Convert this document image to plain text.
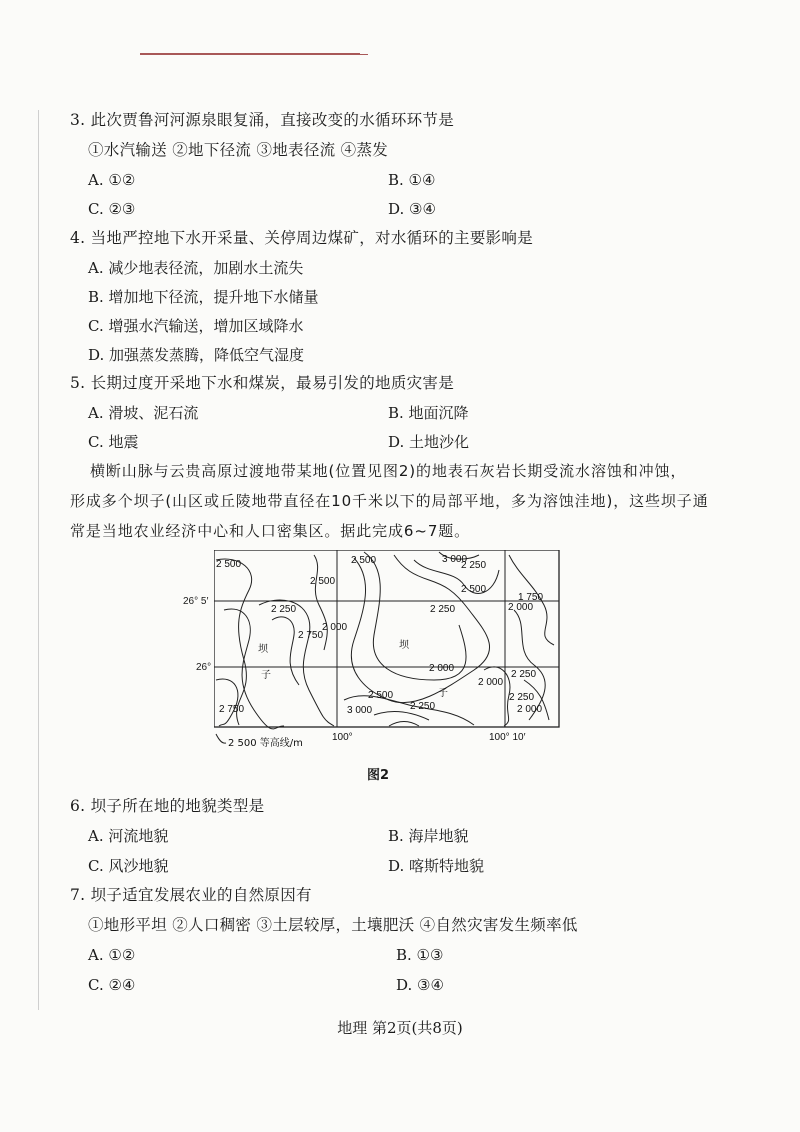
3. 此次贾鲁河河源泉眼复涌，直接改变的水循环环节是
①水汽输送 ②地下径流 ③地表径流 ④蒸发
A. ①②	B. ①④
C. ②③	D. ③④
4. 当地严控地下水开采量、关停周边煤矿，对水循环的主要影响是
A. 减少地表径流，加剧水土流失
B. 增加地下径流，提升地下水储量
C. 增强水汽输送，增加区域降水
D. 加强蒸发蒸腾，降低空气湿度
5. 长期过度开采地下水和煤炭，最易引发的地质灾害是
A. 滑坡、泥石流	B. 地面沉降
C. 地震	D. 土地沙化
横断山脉与云贵高原过渡地带某地(位置见图2)的地表石灰岩长期受流水溶蚀和冲蚀，
形成多个坝子(山区或丘陵地带直径在10千米以下的局部平地，多为溶蚀洼地)，这些坝子通
常是当地农业经济中心和人口密集区。据此完成6~7题。
2 500
2 250
3 000
2 750
2 500
2 500
2 250
2 500
2 000
1 750
2 250
2 750
2 000
2 000
2 250
2 500
2 250
3 000
2 000
2 250
2 000
坝
子
坝
子
100°	100° 10′
2 500 等高线/m
26° 5′
26°
图2
6. 坝子所在地的地貌类型是
A. 河流地貌	B. 海岸地貌
C. 风沙地貌	D. 喀斯特地貌
7. 坝子适宜发展农业的自然原因有
①地形平坦 ②人口稠密 ③土层较厚，土壤肥沃 ④自然灾害发生频率低
A. ①②	B. ①③
C. ②④	D. ③④
地理 第2页(共8页)
